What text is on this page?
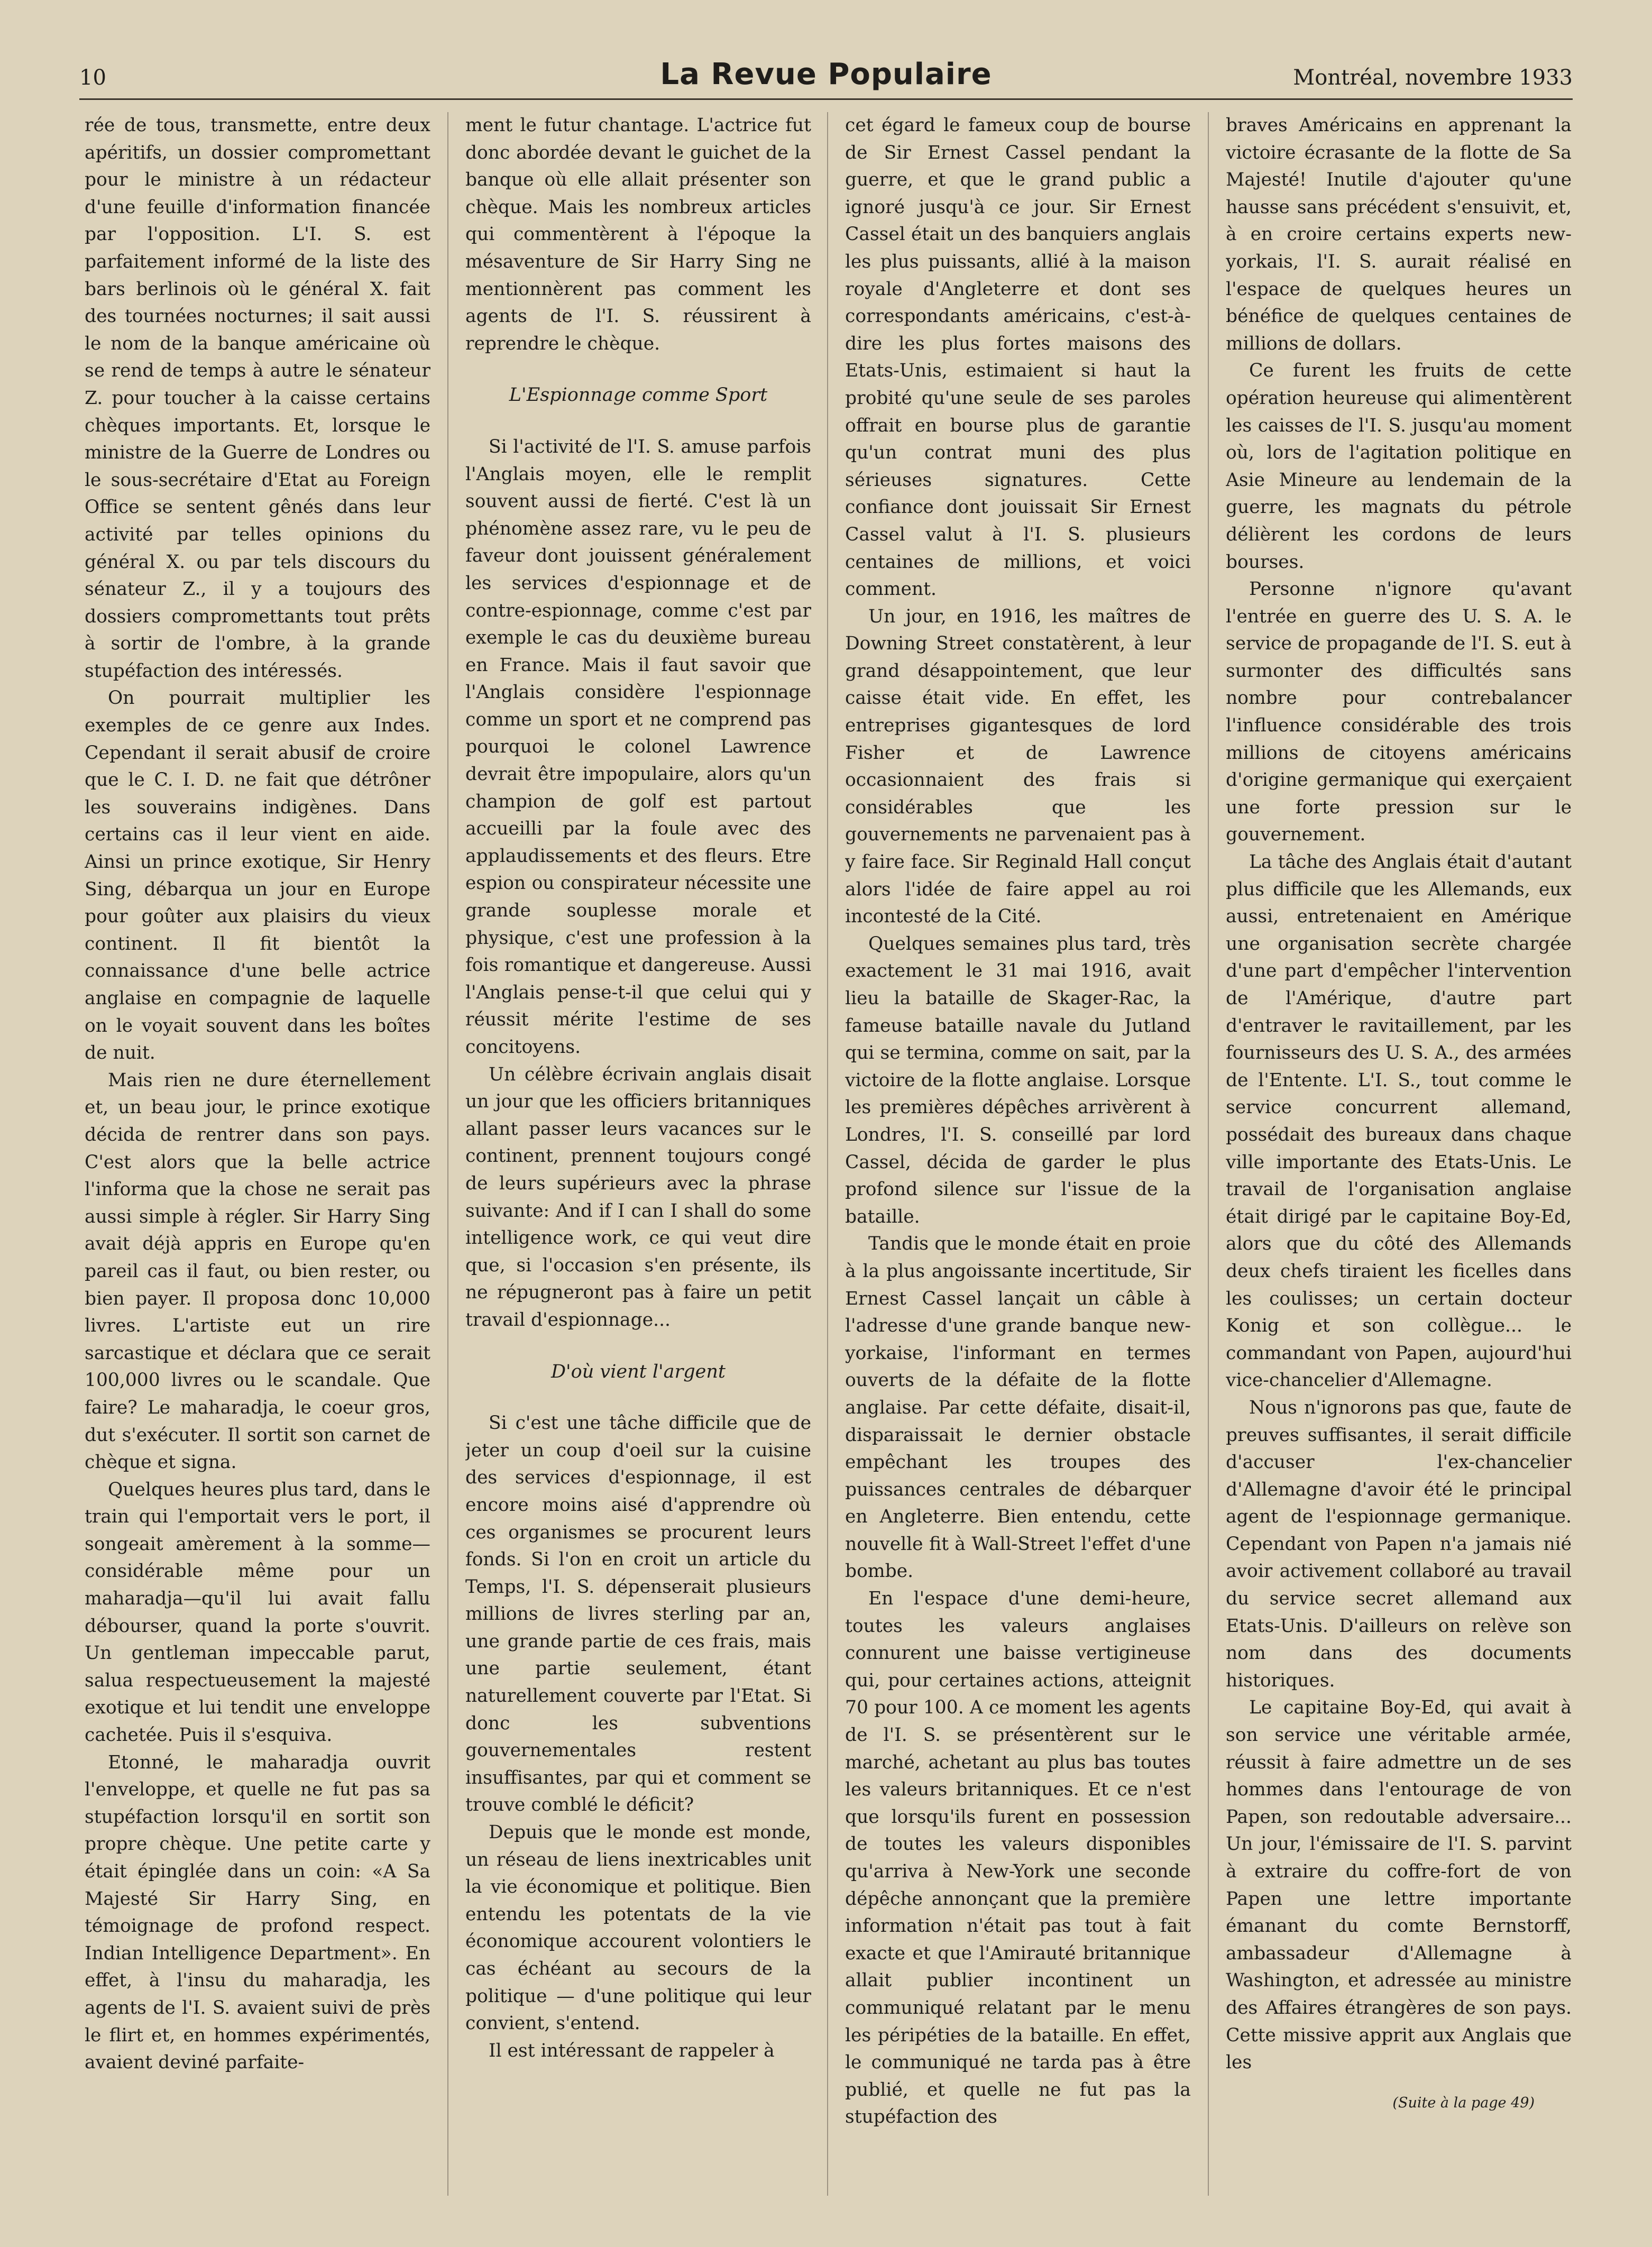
10	La Revue Populaire	Montréal, novembre 1933

rée de tous, transmette, entre deux apéritifs, un dossier compromettant pour le ministre à un rédacteur d'une feuille d'information financée par l'opposition. L'I. S. est parfaitement informé de la liste des bars berlinois où le général X. fait des tournées nocturnes; il sait aussi le nom de la banque américaine où se rend de temps à autre le sénateur Z. pour toucher à la caisse certains chèques importants. Et, lorsque le ministre de la Guerre de Londres ou le sous-secrétaire d'Etat au Foreign Office se sentent gênés dans leur activité par telles opinions du général X. ou par tels discours du sénateur Z., il y a toujours des dossiers compromettants tout prêts à sortir de l'ombre, à la grande stupéfaction des intéressés.

On pourrait multiplier les exemples de ce genre aux Indes. Cependant il serait abusif de croire que le C. I. D. ne fait que détrôner les souverains indigènes. Dans certains cas il leur vient en aide. Ainsi un prince exotique, Sir Henry Sing, débarqua un jour en Europe pour goûter aux plaisirs du vieux continent. Il fit bientôt la connaissance d'une belle actrice anglaise en compagnie de laquelle on le voyait souvent dans les boîtes de nuit.

Mais rien ne dure éternellement et, un beau jour, le prince exotique décida de rentrer dans son pays. C'est alors que la belle actrice l'informa que la chose ne serait pas aussi simple à régler. Sir Harry Sing avait déjà appris en Europe qu'en pareil cas il faut, ou bien rester, ou bien payer. Il proposa donc 10,000 livres. L'artiste eut un rire sarcastique et déclara que ce serait 100,000 livres ou le scandale. Que faire? Le maharadja, le coeur gros, dut s'exécuter. Il sortit son carnet de chèque et signa.

Quelques heures plus tard, dans le train qui l'emportait vers le port, il songeait amèrement à la somme—considérable même pour un maharadja—qu'il lui avait fallu débourser, quand la porte s'ouvrit. Un gentleman impeccable parut, salua respectueusement la majesté exotique et lui tendit une enveloppe cachetée. Puis il s'esquiva.

Etonné, le maharadja ouvrit l'enveloppe, et quelle ne fut pas sa stupéfaction lorsqu'il en sortit son propre chèque. Une petite carte y était épinglée dans un coin: «A Sa Majesté Sir Harry Sing, en témoignage de profond respect. Indian Intelligence Department». En effet, à l'insu du maharadja, les agents de l'I. S. avaient suivi de près le flirt et, en hommes expérimentés, avaient deviné parfaite-

ment le futur chantage. L'actrice fut donc abordée devant le guichet de la banque où elle allait présenter son chèque. Mais les nombreux articles qui commentèrent à l'époque la mésaventure de Sir Harry Sing ne mentionnèrent pas comment les agents de l'I. S. réussirent à reprendre le chèque.

L'Espionnage comme Sport

Si l'activité de l'I. S. amuse parfois l'Anglais moyen, elle le remplit souvent aussi de fierté. C'est là un phénomène assez rare, vu le peu de faveur dont jouissent généralement les services d'espionnage et de contre-espionnage, comme c'est par exemple le cas du deuxième bureau en France. Mais il faut savoir que l'Anglais considère l'espionnage comme un sport et ne comprend pas pourquoi le colonel Lawrence devrait être impopulaire, alors qu'un champion de golf est partout accueilli par la foule avec des applaudissements et des fleurs. Etre espion ou conspirateur nécessite une grande souplesse morale et physique, c'est une profession à la fois romantique et dangereuse. Aussi l'Anglais pense-t-il que celui qui y réussit mérite l'estime de ses concitoyens.

Un célèbre écrivain anglais disait un jour que les officiers britanniques allant passer leurs vacances sur le continent, prennent toujours congé de leurs supérieurs avec la phrase suivante: And if I can I shall do some intelligence work, ce qui veut dire que, si l'occasion s'en présente, ils ne répugneront pas à faire un petit travail d'espionnage...

D'où vient l'argent

Si c'est une tâche difficile que de jeter un coup d'oeil sur la cuisine des services d'espionnage, il est encore moins aisé d'apprendre où ces organismes se procurent leurs fonds. Si l'on en croit un article du Temps, l'I. S. dépenserait plusieurs millions de livres sterling par an, une grande partie de ces frais, mais une partie seulement, étant naturellement couverte par l'Etat. Si donc les subventions gouvernementales restent insuffisantes, par qui et comment se trouve comblé le déficit?

Depuis que le monde est monde, un réseau de liens inextricables unit la vie économique et politique. Bien entendu les potentats de la vie économique accourent volontiers le cas échéant au secours de la politique — d'une politique qui leur convient, s'entend.

Il est intéressant de rappeler à

cet égard le fameux coup de bourse de Sir Ernest Cassel pendant la guerre, et que le grand public a ignoré jusqu'à ce jour. Sir Ernest Cassel était un des banquiers anglais les plus puissants, allié à la maison royale d'Angleterre et dont ses correspondants américains, c'est-à-dire les plus fortes maisons des Etats-Unis, estimaient si haut la probité qu'une seule de ses paroles offrait en bourse plus de garantie qu'un contrat muni des plus sérieuses signatures. Cette confiance dont jouissait Sir Ernest Cassel valut à l'I. S. plusieurs centaines de millions, et voici comment.

Un jour, en 1916, les maîtres de Downing Street constatèrent, à leur grand désappointement, que leur caisse était vide. En effet, les entreprises gigantesques de lord Fisher et de Lawrence occasionnaient des frais si considérables que les gouvernements ne parvenaient pas à y faire face. Sir Reginald Hall conçut alors l'idée de faire appel au roi incontesté de la Cité.

Quelques semaines plus tard, très exactement le 31 mai 1916, avait lieu la bataille de Skager-Rac, la fameuse bataille navale du Jutland qui se termina, comme on sait, par la victoire de la flotte anglaise. Lorsque les premières dépêches arrivèrent à Londres, l'I. S. conseillé par lord Cassel, décida de garder le plus profond silence sur l'issue de la bataille.

Tandis que le monde était en proie à la plus angoissante incertitude, Sir Ernest Cassel lançait un câble à l'adresse d'une grande banque new-yorkaise, l'informant en termes ouverts de la défaite de la flotte anglaise. Par cette défaite, disait-il, disparaissait le dernier obstacle empêchant les troupes des puissances centrales de débarquer en Angleterre. Bien entendu, cette nouvelle fit à Wall-Street l'effet d'une bombe.

En l'espace d'une demi-heure, toutes les valeurs anglaises connurent une baisse vertigineuse qui, pour certaines actions, atteignit 70 pour 100. A ce moment les agents de l'I. S. se présentèrent sur le marché, achetant au plus bas toutes les valeurs britanniques. Et ce n'est que lorsqu'ils furent en possession de toutes les valeurs disponibles qu'arriva à New-York une seconde dépêche annonçant que la première information n'était pas tout à fait exacte et que l'Amirauté britannique allait publier incontinent un communiqué relatant par le menu les péripéties de la bataille. En effet, le communiqué ne tarda pas à être publié, et quelle ne fut pas la stupéfaction des

braves Américains en apprenant la victoire écrasante de la flotte de Sa Majesté! Inutile d'ajouter qu'une hausse sans précédent s'ensuivit, et, à en croire certains experts new-yorkais, l'I. S. aurait réalisé en l'espace de quelques heures un bénéfice de quelques centaines de millions de dollars.

Ce furent les fruits de cette opération heureuse qui alimentèrent les caisses de l'I. S. jusqu'au moment où, lors de l'agitation politique en Asie Mineure au lendemain de la guerre, les magnats du pétrole délièrent les cordons de leurs bourses.

Personne n'ignore qu'avant l'entrée en guerre des U. S. A. le service de propagande de l'I. S. eut à surmonter des difficultés sans nombre pour contrebalancer l'influence considérable des trois millions de citoyens américains d'origine germanique qui exerçaient une forte pression sur le gouvernement.

La tâche des Anglais était d'autant plus difficile que les Allemands, eux aussi, entretenaient en Amérique une organisation secrète chargée d'une part d'empêcher l'intervention de l'Amérique, d'autre part d'entraver le ravitaillement, par les fournisseurs des U. S. A., des armées de l'Entente. L'I. S., tout comme le service concurrent allemand, possédait des bureaux dans chaque ville importante des Etats-Unis. Le travail de l'organisation anglaise était dirigé par le capitaine Boy-Ed, alors que du côté des Allemands deux chefs tiraient les ficelles dans les coulisses; un certain docteur Konig et son collègue... le commandant von Papen, aujourd'hui vice-chancelier d'Allemagne.

Nous n'ignorons pas que, faute de preuves suffisantes, il serait difficile d'accuser l'ex-chancelier d'Allemagne d'avoir été le principal agent de l'espionnage germanique. Cependant von Papen n'a jamais nié avoir activement collaboré au travail du service secret allemand aux Etats-Unis. D'ailleurs on relève son nom dans des documents historiques.

Le capitaine Boy-Ed, qui avait à son service une véritable armée, réussit à faire admettre un de ses hommes dans l'entourage de von Papen, son redoutable adversaire... Un jour, l'émissaire de l'I. S. parvint à extraire du coffre-fort de von Papen une lettre importante émanant du comte Bernstorff, ambassadeur d'Allemagne à Washington, et adressée au ministre des Affaires étrangères de son pays. Cette missive apprit aux Anglais que les

(Suite à la page 49)
